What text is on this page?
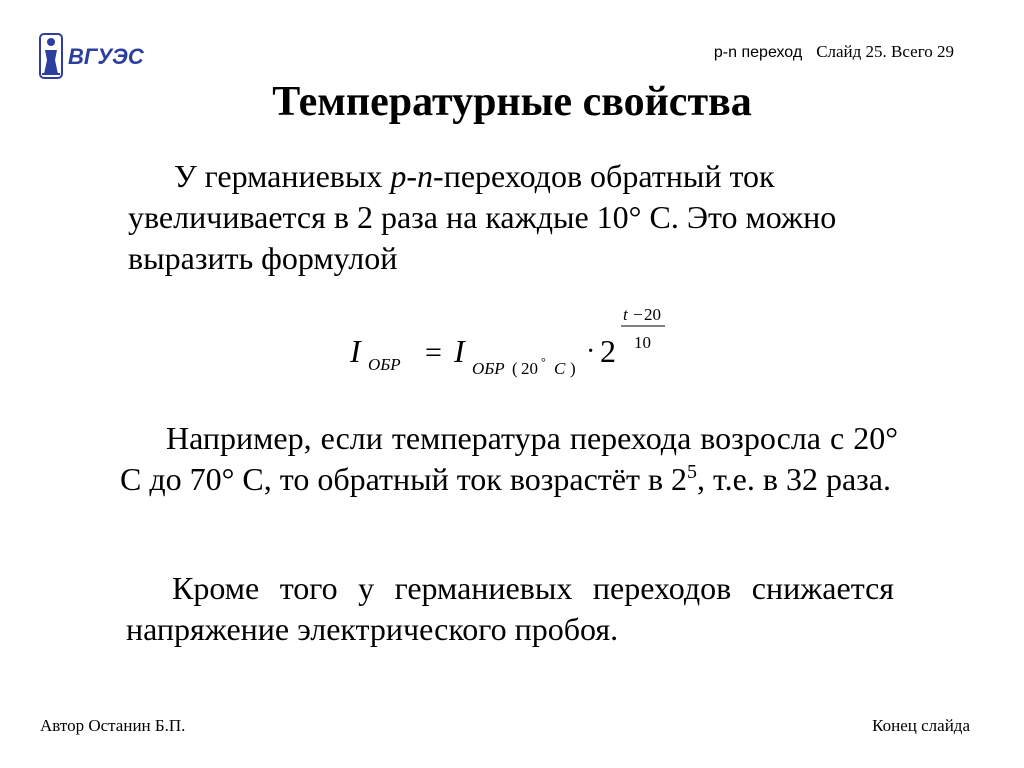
ВГУЭС	p-n переход Слайд 25. Всего 29
Температурные свойства

У германиевых p-n-переходов обратный ток увеличивается в 2 раза на каждые 10° С. Это можно выразить формулой

I ОБР = I ОБР ( 20 ° C )
· 2
t − 20
10

Например, если температура перехода возросла с 20° С до 70° С, то обратный ток возрастёт в $2^5$, т.е. в 32 раза.

Кроме того у германиевых переходов снижается напряжение электрического пробоя.

Автор Останин Б.П.	Конец слайда
